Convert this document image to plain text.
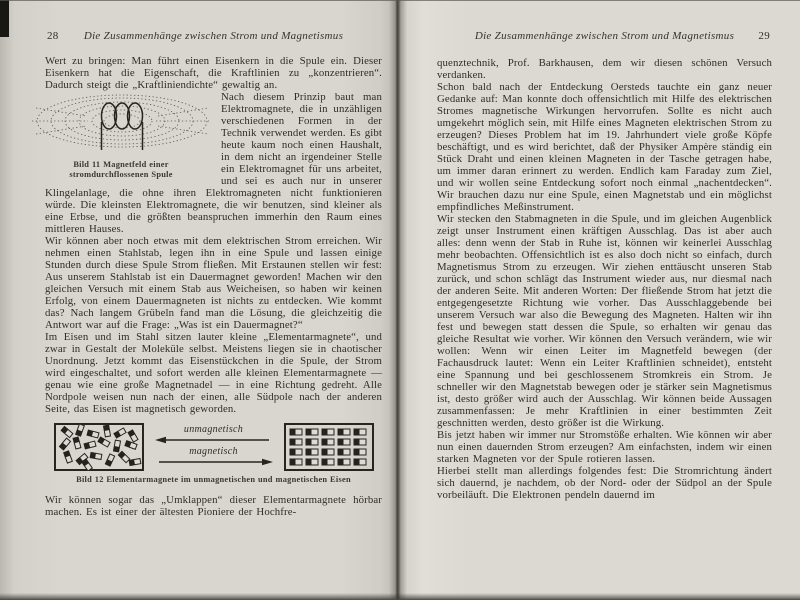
28	Die Zusammenhänge zwischen Strom und Magnetismus

Wert zu bringen: Man führt einen Eisenkern in die Spule ein. Dieser Eisenkern hat die Eigenschaft, die Kraftlinien zu „konzentrieren“. Dadurch steigt die „Kraftliniendichte“ gewaltig an.

Bild 11 Magnetfeld einer
stromdurchflossenen Spule

Nach diesem Prinzip baut man Elektromagnete, die in unzähligen verschiedenen Formen in der Technik verwendet werden. Es gibt heute kaum noch einen Haushalt, in dem nicht an irgendeiner Stelle ein Elektromagnet für uns arbeitet, und sei es auch nur in unserer Klingelanlage, die ohne ihren Elektromagneten nicht funktionieren würde. Die kleinsten Elektromagnete, die wir benutzen, sind kleiner als eine Erbse, und die größten beanspruchen immerhin den Raum eines mittleren Hauses.

Wir können aber noch etwas mit dem elektrischen Strom erreichen. Wir nehmen einen Stahlstab, legen ihn in eine Spule und lassen einige Stunden durch diese Spule Strom fließen. Mit Erstaunen stellen wir fest: Aus unserem Stahlstab ist ein Dauermagnet geworden! Machen wir den gleichen Versuch mit einem Stab aus Weicheisen, so haben wir keinen Erfolg, von einem Dauermagneten ist nichts zu entdecken. Wie kommt das? Nach langem Grübeln fand man die Lösung, die gleichzeitig die Antwort war auf die Frage: „Was ist ein Dauermagnet?“

Im Eisen und im Stahl sitzen lauter kleine „Elementarmagnete“, und zwar in Gestalt der Moleküle selbst. Meistens liegen sie in chaotischer Unordnung. Jetzt kommt das Eisenstückchen in die Spule, der Strom wird eingeschaltet, und sofort werden alle kleinen Elementarmagnete — genau wie eine große Magnetnadel — in eine Richtung gedreht. Alle Nordpole weisen nun nach der einen, alle Südpole nach der anderen Seite, das Eisen ist magnetisch geworden.

unmagnetisch
magnetisch
Bild 12 Elementarmagnete im unmagnetischen und magnetischen Eisen

Wir können sogar das „Umklappen“ dieser Elementarmagnete hörbar machen. Es ist einer der ältesten Pioniere der Hochfre-

Die Zusammenhänge zwischen Strom und Magnetismus	29

quenztechnik, Prof. Barkhausen, dem wir diesen schönen Versuch verdanken.

Schon bald nach der Entdeckung Oersteds tauchte ein ganz neuer Gedanke auf: Man konnte doch offensichtlich mit Hilfe des elektrischen Stromes magnetische Wirkungen hervorrufen. Sollte es nicht auch umgekehrt möglich sein, mit Hilfe eines Magneten elektrischen Strom zu erzeugen? Dieses Problem hat im 19. Jahrhundert viele große Köpfe beschäftigt, und es wird berichtet, daß der Physiker Ampère ständig ein Stück Draht und einen kleinen Magneten in der Tasche getragen habe, um immer daran erinnert zu werden. Endlich kam Faraday zum Ziel, und wir wollen seine Entdeckung sofort noch einmal „nachentdecken“. Wir brauchen dazu nur eine Spule, einen Magnetstab und ein möglichst empfindliches Meßinstrument.

Wir stecken den Stabmagneten in die Spule, und im gleichen Augenblick zeigt unser Instrument einen kräftigen Ausschlag. Das ist aber auch alles: denn wenn der Stab in Ruhe ist, können wir keinerlei Ausschlag mehr beobachten. Offensichtlich ist es also doch nicht so einfach, durch Magnetismus Strom zu erzeugen. Wir ziehen enttäuscht unseren Stab zurück, und schon schlägt das Instrument wieder aus, nur diesmal nach der anderen Seite. Mit anderen Worten: Der fließende Strom hat jetzt die entgegengesetzte Richtung wie vorher. Das Ausschlaggebende bei unserem Versuch war also die Bewegung des Magneten. Halten wir ihn fest und bewegen statt dessen die Spule, so erhalten wir genau das gleiche Resultat wie vorher. Wir können den Versuch verändern, wie wir wollen: Wenn wir einen Leiter im Magnetfeld bewegen (der Fachausdruck lautet: Wenn ein Leiter Kraftlinien schneidet), entsteht eine Spannung und bei geschlossenem Stromkreis ein Strom. Je schneller wir den Magnetstab bewegen oder je stärker sein Magnetismus ist, desto größer wird auch der Ausschlag. Wir können beide Aussagen zusammenfassen: Je mehr Kraftlinien in einer bestimmten Zeit geschnitten werden, desto größer ist die Wirkung.

Bis jetzt haben wir immer nur Stromstöße erhalten. Wie können wir aber nun einen dauernden Strom erzeugen? Am einfachsten, indem wir einen starken Magneten vor der Spule rotieren lassen.

Hierbei stellt man allerdings folgendes fest: Die Stromrichtung ändert sich dauernd, je nachdem, ob der Nord- oder der Südpol an der Spule vorbeiläuft. Die Elektronen pendeln dauernd im
